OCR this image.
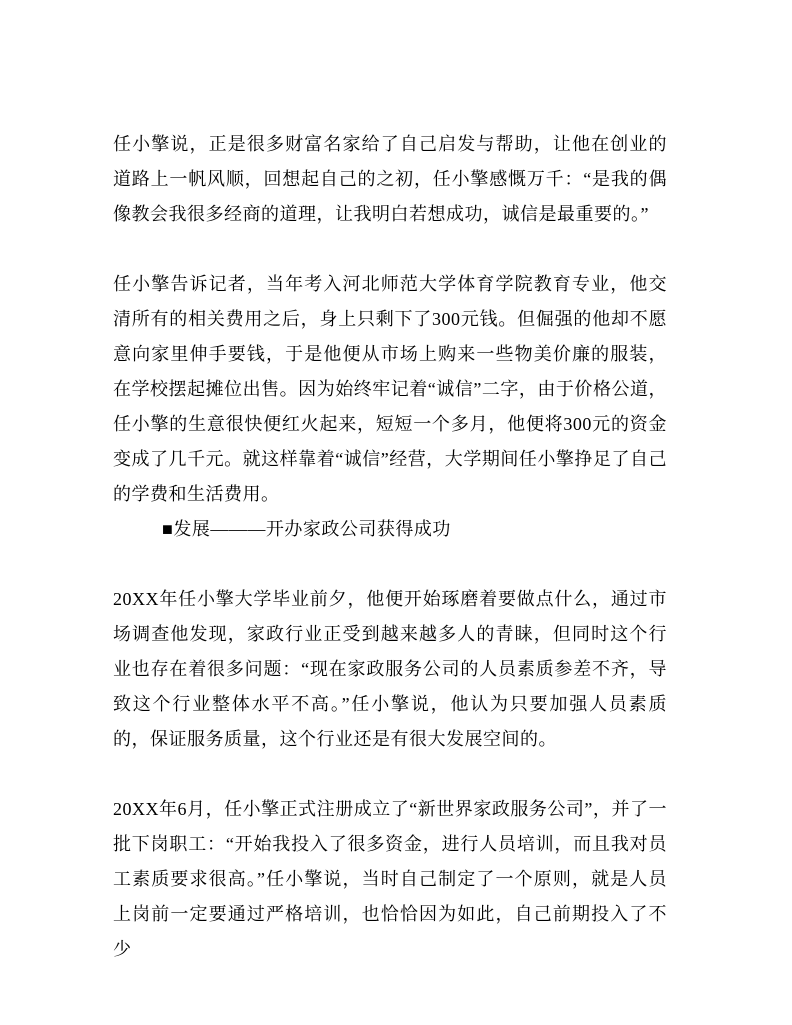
任小擎说，正是很多财富名家给了自己启发与帮助，让他在创业的道路上一帆风顺，回想起自己的之初，任小擎感慨万千：“是我的偶像教会我很多经商的道理，让我明白若想成功，诚信是最重要的。”

任小擎告诉记者，当年考入河北师范大学体育学院教育专业，他交清所有的相关费用之后，身上只剩下了300元钱。但倔强的他却不愿意向家里伸手要钱，于是他便从市场上购来一些物美价廉的服装，在学校摆起摊位出售。因为始终牢记着“诚信”二字，由于价格公道，任小擎的生意很快便红火起来，短短一个多月，他便将300元的资金变成了几千元。就这样靠着“诚信”经营，大学期间任小擎挣足了自己的学费和生活费用。

■发展———开办家政公司获得成功

20XX年任小擎大学毕业前夕，他便开始琢磨着要做点什么，通过市场调查他发现，家政行业正受到越来越多人的青睐，但同时这个行业也存在着很多问题：“现在家政服务公司的人员素质参差不齐，导致这个行业整体水平不高。”任小擎说，他认为只要加强人员素质的，保证服务质量，这个行业还是有很大发展空间的。

20XX年6月，任小擎正式注册成立了“新世界家政服务公司”，并了一批下岗职工：“开始我投入了很多资金，进行人员培训，而且我对员工素质要求很高。”任小擎说，当时自己制定了一个原则，就是人员上岗前一定要通过严格培训，也恰恰因为如此，自己前期投入了不少
